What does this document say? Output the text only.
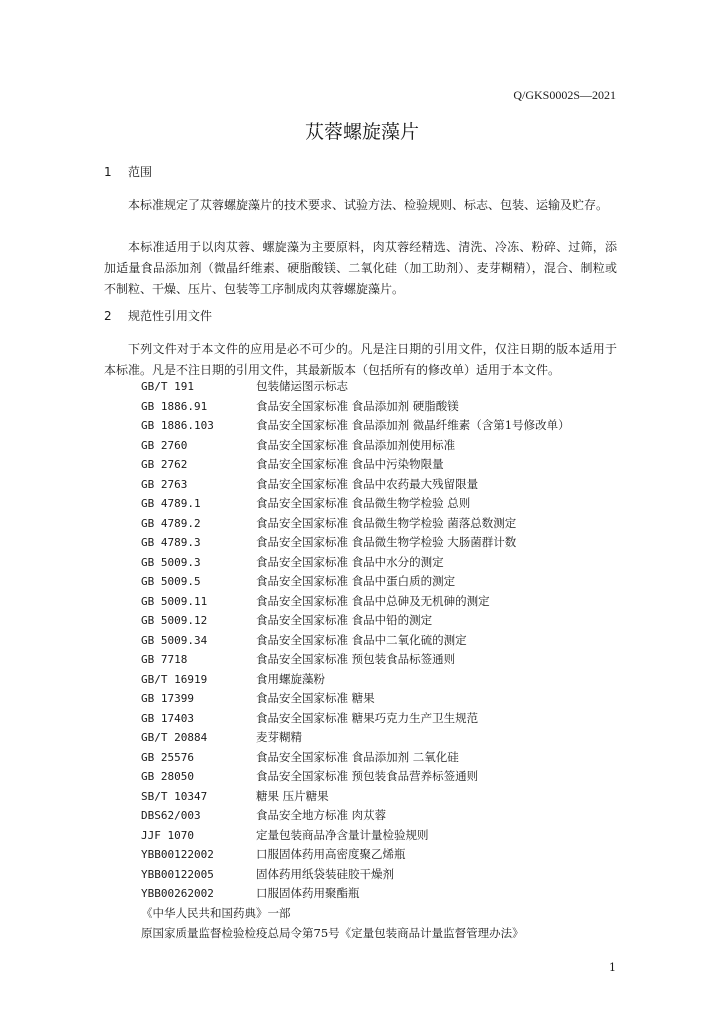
Q/GKS0002S—2021
苁蓉螺旋藻片
1 范围

本标准规定了苁蓉螺旋藻片的技术要求、试验方法、检验规则、标志、包装、运输及贮存。

本标准适用于以肉苁蓉、螺旋藻为主要原料，肉苁蓉经精选、清洗、冷冻、粉碎、过筛，添加适量食品添加剂（微晶纤维素、硬脂酸镁、二氧化硅（加工助剂）、麦芽糊精），混合、制粒或不制粒、干燥、压片、包装等工序制成肉苁蓉螺旋藻片。

2 规范性引用文件

下列文件对于本文件的应用是必不可少的。凡是注日期的引用文件，仅注日期的版本适用于本标准。凡是不注日期的引用文件，其最新版本（包括所有的修改单）适用于本文件。

GB/T 191	包装储运图示标志
GB 1886.91	食品安全国家标准 食品添加剂 硬脂酸镁
GB 1886.103	食品安全国家标准 食品添加剂 微晶纤维素（含第1号修改单）
GB 2760	食品安全国家标准 食品添加剂使用标准
GB 2762	食品安全国家标准 食品中污染物限量
GB 2763	食品安全国家标准 食品中农药最大残留限量
GB 4789.1	食品安全国家标准 食品微生物学检验 总则
GB 4789.2	食品安全国家标准 食品微生物学检验 菌落总数测定
GB 4789.3	食品安全国家标准 食品微生物学检验 大肠菌群计数
GB 5009.3	食品安全国家标准 食品中水分的测定
GB 5009.5	食品安全国家标准 食品中蛋白质的测定
GB 5009.11	食品安全国家标准 食品中总砷及无机砷的测定
GB 5009.12	食品安全国家标准 食品中铅的测定
GB 5009.34	食品安全国家标准 食品中二氧化硫的测定
GB 7718	食品安全国家标准 预包装食品标签通则
GB/T 16919	食用螺旋藻粉
GB 17399	食品安全国家标准 糖果
GB 17403	食品安全国家标准 糖果巧克力生产卫生规范
GB/T 20884	麦芽糊精
GB 25576	食品安全国家标准 食品添加剂 二氧化硅
GB 28050	食品安全国家标准 预包装食品营养标签通则
SB/T 10347	糖果 压片糖果
DBS62/003	食品安全地方标准 肉苁蓉
JJF 1070	定量包装商品净含量计量检验规则
YBB00122002	口服固体药用高密度聚乙烯瓶
YBB00122005	固体药用纸袋装硅胶干燥剂
YBB00262002	口服固体药用聚酯瓶
《中华人民共和国药典》一部
原国家质量监督检验检疫总局令第75号《定量包装商品计量监督管理办法》
1
